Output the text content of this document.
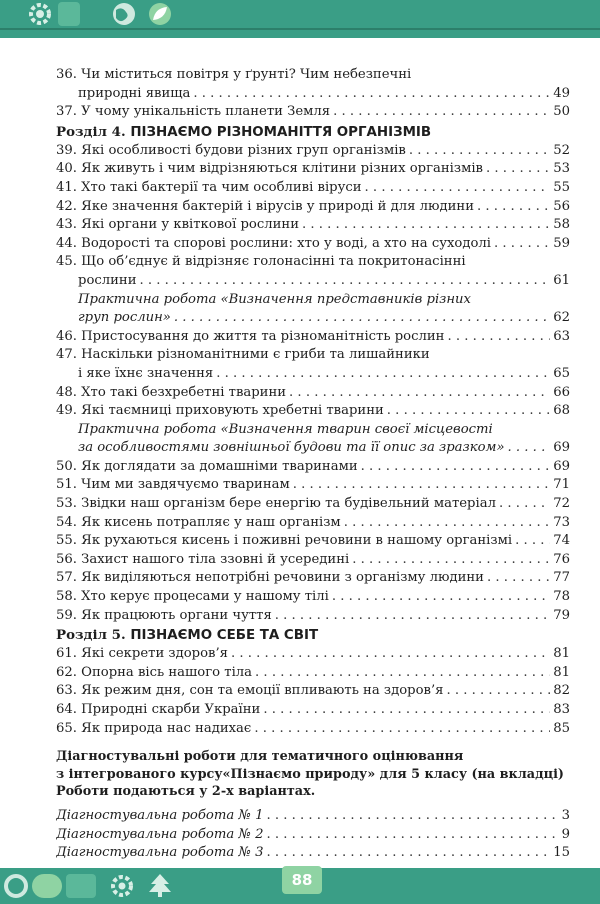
36. Чи міститься повітря у ґрунті? Чим небезпечні
природні явища . . .	49
37. У чому унікальність планети Земля . . .	50
Розділ 4. ПІЗНАЄМО РІЗНОМАНІТТЯ ОРГАНІЗМІВ
39. Які особливості будови різних груп організмів . . .	52
40. Як живуть і чим відрізняються клітини різних організмів . . .	53
41. Хто такі бактерії та чим особливі віруси . . .	55
42. Яке значення бактерій і вірусів у природі й для людини . . .	56
43. Які органи у квіткової рослини . . .	58
44. Водорості та спорові рослини: хто у воді, а хто на суходолі . . .	59
45. Що об’єднує й відрізняє голонасінні та покритонасінні
рослини . . .	61
Практична робота «Визначення представників різних
груп рослин» . . .	62
46. Пристосування до життя та різноманітність рослин . . .	63
47. Наскільки різноманітними є гриби та лишайники
і яке їхнє значення . . .	65
48. Хто такі безхребетні тварини . . .	66
49. Які таємниці приховують хребетні тварини . . .	68
Практична робота «Визначення тварин своєї місцевості
за особливостями зовнішньої будови та її опис за зразком» . . .	69
50. Як доглядати за домашніми тваринами . . .	69
51. Чим ми завдячуємо тваринам . . .	71
53. Звідки наш організм бере енергію та будівельний матеріал . . .	72
54. Як кисень потрапляє у наш організм . . .	73
55. Як рухаються кисень і поживні речовини в нашому організмі . . .	74
56. Захист нашого тіла ззовні й усередині . . .	76
57. Як виділяються непотрібні речовини з організму людини . . .	77
58. Хто керує процесами у нашому тілі . . .	78
59. Як працюють органи чуття . . .	79
Розділ 5. ПІЗНАЄМО СЕБЕ ТА СВІТ
61. Які секрети здоров’я . . .	81
62. Опорна вісь нашого тіла . . .	81
63. Як режим дня, сон та емоції впливають на здоров’я . . .	82
64. Природні скарби України . . .	83
65. Як природа нас надихає . . .	85
Діагностувальні роботи для тематичного оцінювання
з інтегрованого курсу«Пізнаємо природу» для 5 класу (на вкладці)
Роботи подаються у 2-х варіантах.
Діагностувальна робота № 1 . . .	3
Діагностувальна робота № 2 . . .	9
Діагностувальна робота № 3 . . .	15
. . .
88
